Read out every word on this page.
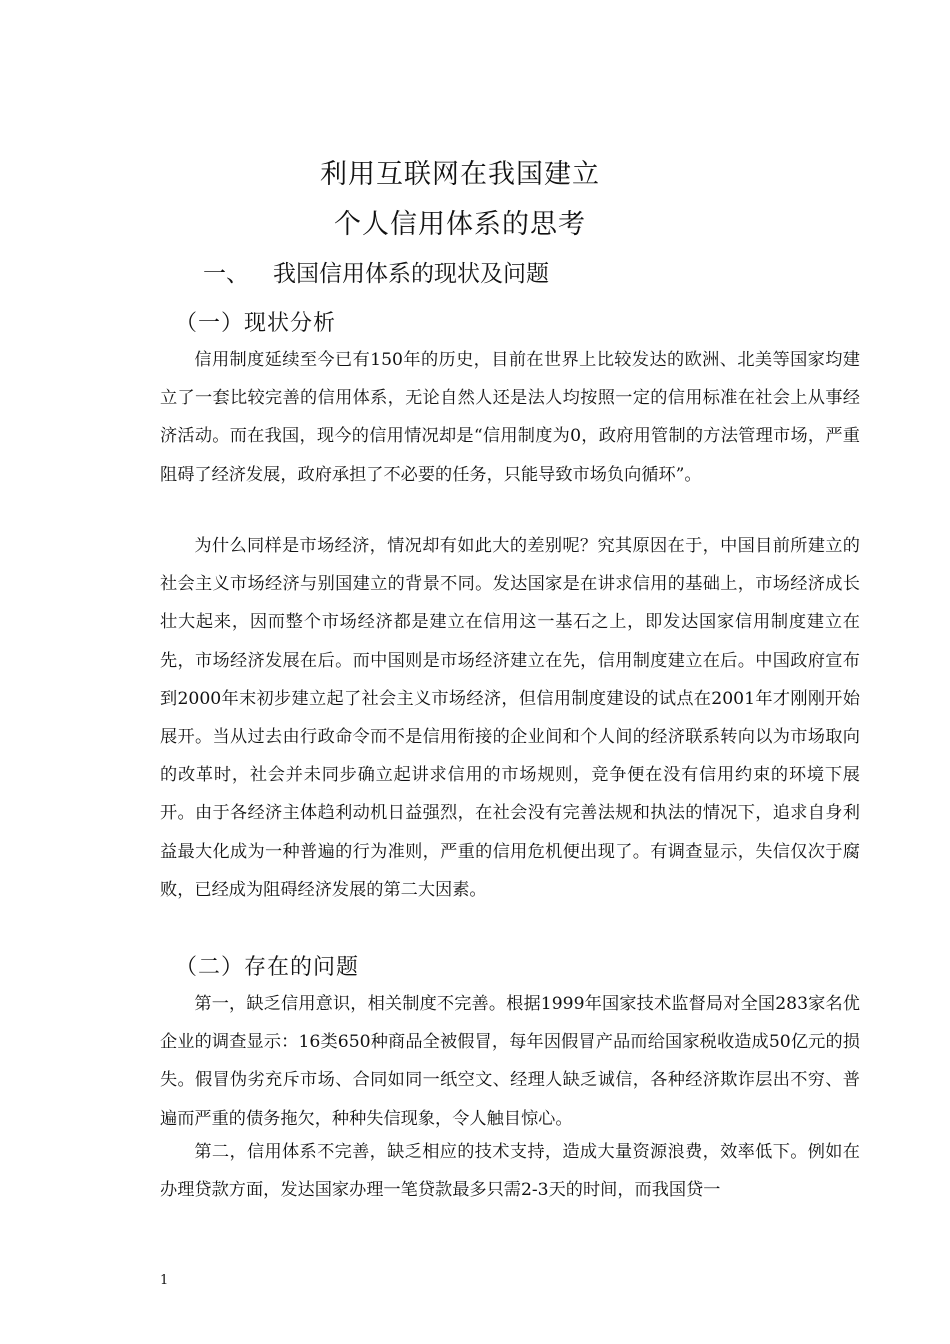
利用互联网在我国建立
个人信用体系的思考
一、 我国信用体系的现状及问题
（一）现状分析

信用制度延续至今已有150年的历史，目前在世界上比较发达的欧洲、北美等国家均建立了一套比较完善的信用体系，无论自然人还是法人均按照一定的信用标准在社会上从事经济活动。而在我国，现今的信用情况却是“信用制度为0，政府用管制的方法管理市场，严重阻碍了经济发展，政府承担了不必要的任务，只能导致市场负向循环”。

为什么同样是市场经济，情况却有如此大的差别呢？究其原因在于，中国目前所建立的社会主义市场经济与别国建立的背景不同。发达国家是在讲求信用的基础上，市场经济成长壮大起来，因而整个市场经济都是建立在信用这一基石之上，即发达国家信用制度建立在先，市场经济发展在后。而中国则是市场经济建立在先，信用制度建立在后。中国政府宣布到2000年末初步建立起了社会主义市场经济，但信用制度建设的试点在2001年才刚刚开始展开。当从过去由行政命令而不是信用衔接的企业间和个人间的经济联系转向以为市场取向的改革时，社会并未同步确立起讲求信用的市场规则，竞争便在没有信用约束的环境下展开。由于各经济主体趋利动机日益强烈，在社会没有完善法规和执法的情况下，追求自身利益最大化成为一种普遍的行为准则，严重的信用危机便出现了。有调查显示，失信仅次于腐败，已经成为阻碍经济发展的第二大因素。

（二）存在的问题

第一，缺乏信用意识，相关制度不完善。根据1999年国家技术监督局对全国283家名优企业的调查显示：16类650种商品全被假冒，每年因假冒产品而给国家税收造成50亿元的损失。假冒伪劣充斥市场、合同如同一纸空文、经理人缺乏诚信，各种经济欺诈层出不穷、普遍而严重的债务拖欠，种种失信现象，令人触目惊心。

第二，信用体系不完善，缺乏相应的技术支持，造成大量资源浪费，效率低下。例如在办理贷款方面，发达国家办理一笔贷款最多只需2-3天的时间，而我国贷一

1
